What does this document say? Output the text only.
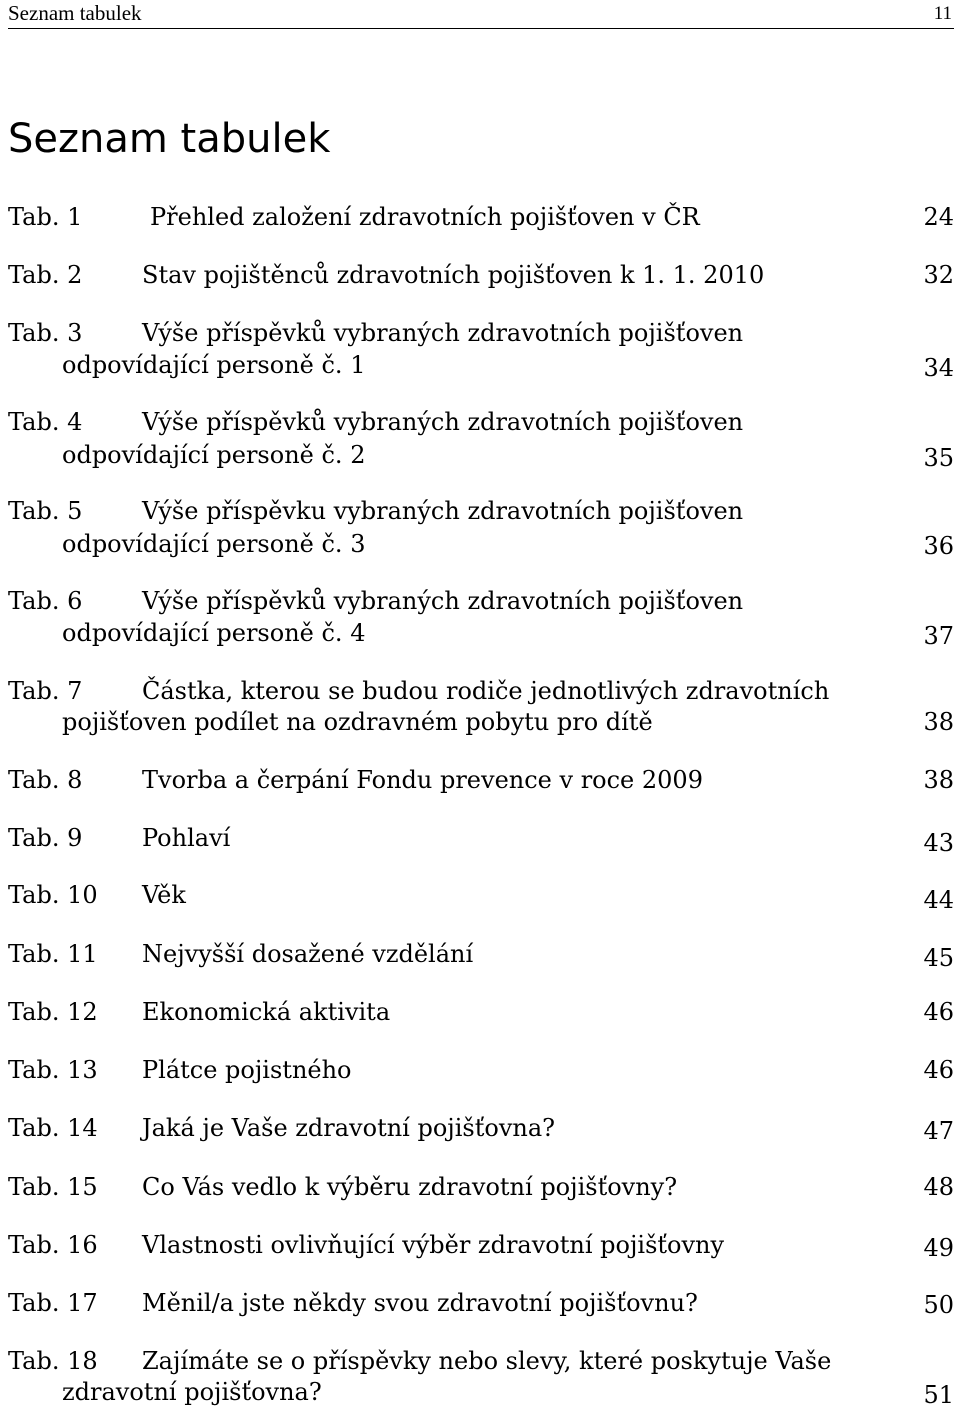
Seznam tabulek	11
Seznam tabulek
Tab. 1	Přehled založení zdravotních pojišťoven v ČR	24
Tab. 2 Stav pojištěnců zdravotních pojišťoven k 1. 1. 2010	32
Tab. 3 Výše příspěvků vybraných zdravotních pojišťoven
odpovídající personě č. 1	34
Tab. 4 Výše příspěvků vybraných zdravotních pojišťoven
odpovídající personě č. 2	35
Tab. 5 Výše příspěvku vybraných zdravotních pojišťoven
odpovídající personě č. 3	36
Tab. 6 Výše příspěvků vybraných zdravotních pojišťoven
odpovídající personě č. 4	37
Tab. 7 Částka, kterou se budou rodiče jednotlivých zdravotních
pojišťoven podílet na ozdravném pobytu pro dítě	38
Tab. 8 Tvorba a čerpání Fondu prevence v roce 2009	38
Tab. 9 Pohlaví	43
Tab. 10 Věk	44
Tab. 11 Nejvyšší dosažené vzdělání	45
Tab. 12 Ekonomická aktivita	46
Tab. 13 Plátce pojistného	46
Tab. 14 Jaká je Vaše zdravotní pojišťovna?	47
Tab. 15 Co Vás vedlo k výběru zdravotní pojišťovny?	48
Tab. 16 Vlastnosti ovlivňující výběr zdravotní pojišťovny	49
Tab. 17 Měnil/a jste někdy svou zdravotní pojišťovnu?	50
Tab. 18 Zajímáte se o příspěvky nebo slevy, které poskytuje Vaše
zdravotní pojišťovna?	51
